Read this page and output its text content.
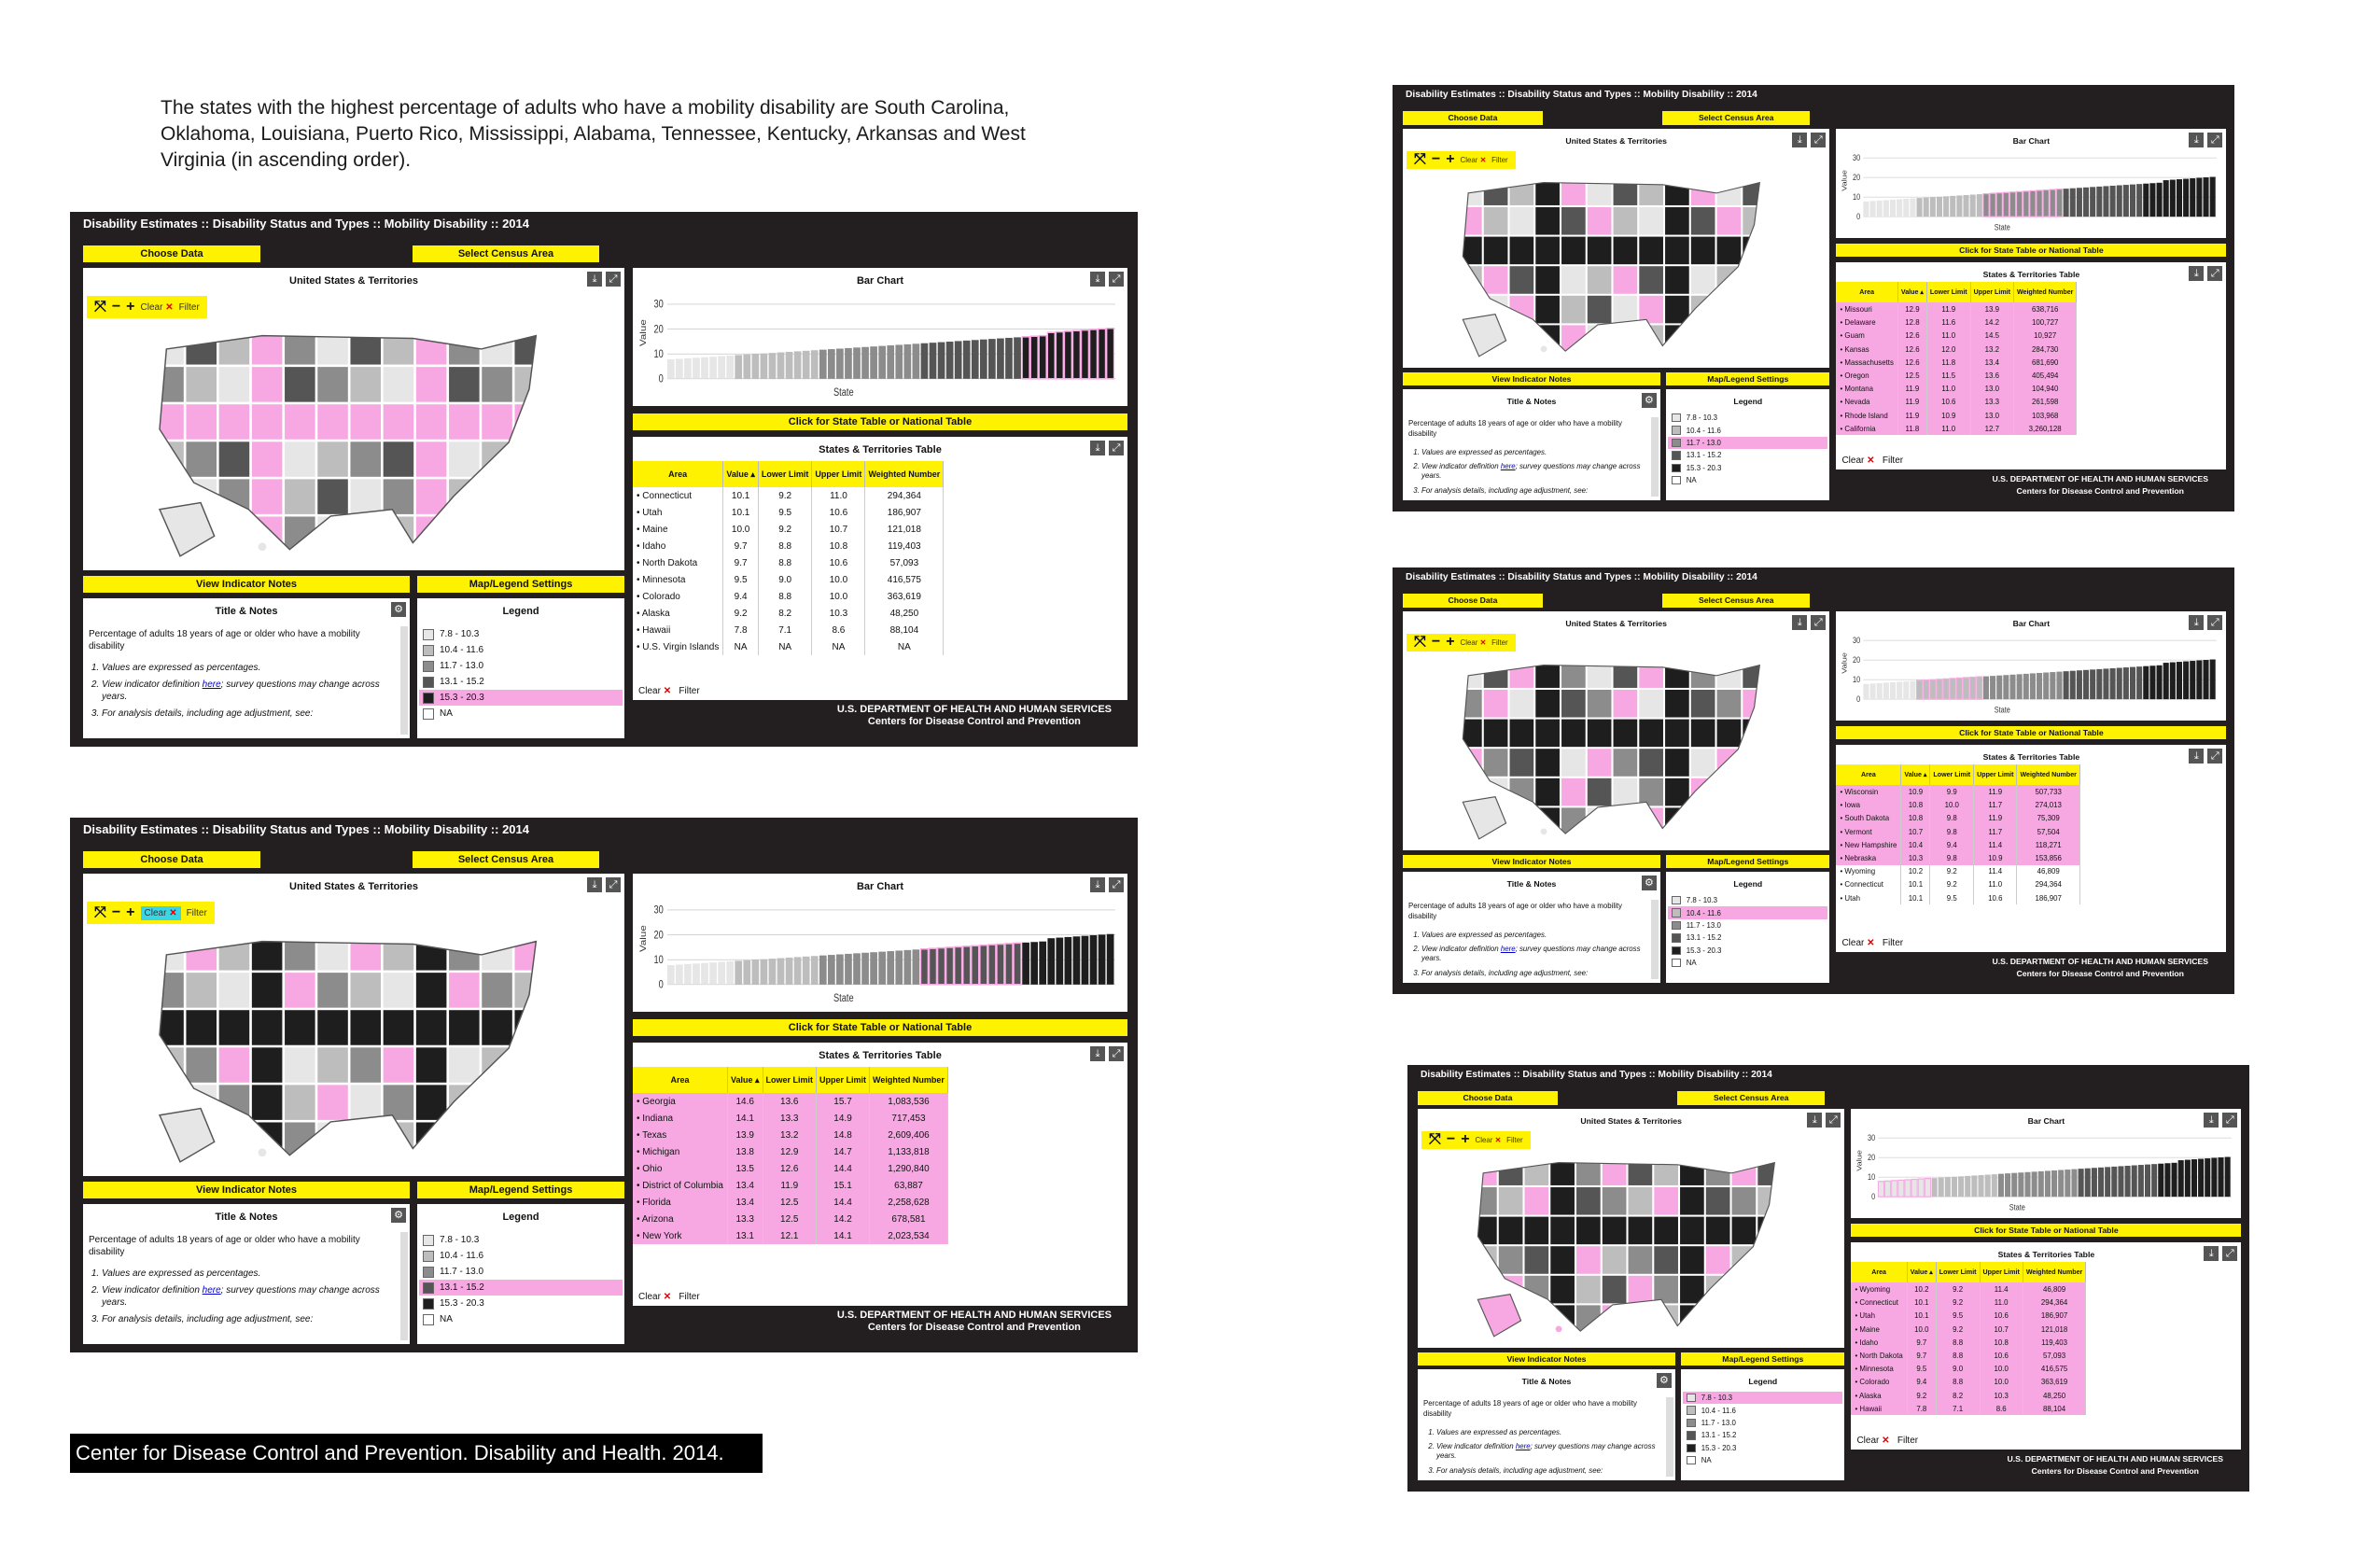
The states with the highest percentage of adults who have a mobility disability are South Carolina, Oklahoma, Louisiana, Puerto Rico, Mississippi, Alabama, Tennessee, Kentucky, Arkansas and West Virginia (in ascending order).
Center for Disease Control and Prevention. Disability and Health. 2014.
Disability Estimates :: Disability Status and Types :: Mobility Disability :: 2014
Choose Data	Select Census Area
United States & Territories	⤓	⤢
⤧ − + Clear ✕ Filter
Bar Chart	⤓	⤢
30
20
10
0
Value
State
Click for State Table or National Table
States & Territories Table	⤓	⤢
Area	Value ▴	Lower Limit	Upper Limit	Weighted Number
• Connecticut	10.1	9.2	11.0	294,364
• Utah	10.1	9.5	10.6	186,907
• Maine	10.0	9.2	10.7	121,018
• Idaho	9.7	8.8	10.8	119,403
• North Dakota	9.7	8.8	10.6	57,093
• Minnesota	9.5	9.0	10.0	416,575
• Colorado	9.4	8.8	10.0	363,619
• Alaska	9.2	8.2	10.3	48,250
• Hawaii	7.8	7.1	8.6	88,104
• U.S. Virgin Islands	NA	NA	NA	NA
Clear ✕ Filter
View Indicator Notes	Map/Legend Settings
Title & Notes	⚙
Percentage of adults 18 years of age or older who have a mobility disability
1. Values are expressed as percentages.
2. View indicator definition here; survey questions may change across years.
3. For analysis details, including age adjustment, see:
Legend
7.8 - 10.3
10.4 - 11.6
11.7 - 13.0
13.1 - 15.2
15.3 - 20.3
NA	U.S. DEPARTMENT OF HEALTH AND HUMAN SERVICES
Centers for Disease Control and Prevention
Disability Estimates :: Disability Status and Types :: Mobility Disability :: 2014
Choose Data	Select Census Area
United States & Territories	⤓	⤢
⤧ − +	Clear ✕	Filter
Bar Chart	⤓	⤢
30
20
10
0
Value
State
Click for State Table or National Table
States & Territories Table	⤓	⤢
Area	Value ▴	Lower Limit	Upper Limit	Weighted Number
• Georgia	14.6	13.6	15.7	1,083,536
• Indiana	14.1	13.3	14.9	717,453
• Texas	13.9	13.2	14.8	2,609,406
• Michigan	13.8	12.9	14.7	1,133,818
• Ohio	13.5	12.6	14.4	1,290,840
• District of Columbia	13.4	11.9	15.1	63,887
• Florida	13.4	12.5	14.4	2,258,628
• Arizona	13.3	12.5	14.2	678,581
• New York	13.1	12.1	14.1	2,023,534
Clear ✕ Filter
View Indicator Notes	Map/Legend Settings
Title & Notes	⚙
Percentage of adults 18 years of age or older who have a mobility disability
1. Values are expressed as percentages.
2. View indicator definition here; survey questions may change across years.
3. For analysis details, including age adjustment, see:
Legend
7.8 - 10.3
10.4 - 11.6
11.7 - 13.0
13.1 - 15.2
15.3 - 20.3
NA	U.S. DEPARTMENT OF HEALTH AND HUMAN SERVICES
Centers for Disease Control and Prevention
Disability Estimates :: Disability Status and Types :: Mobility Disability :: 2014
Choose Data	Select Census Area
United States & Territories	⤓	⤢
⤧ − + Clear ✕ Filter
Bar Chart	⤓	⤢
30
20
10
0
Value
State
Click for State Table or National Table
States & Territories Table	⤓	⤢
Area	Value ▴	Lower Limit	Upper Limit	Weighted Number
• Missouri	12.9	11.9	13.9	638,716
• Delaware	12.8	11.6	14.2	100,727
• Guam	12.6	11.0	14.5	10,927
• Kansas	12.6	12.0	13.2	284,730
• Massachusetts	12.6	11.8	13.4	681,690
• Oregon	12.5	11.5	13.6	405,494
• Montana	11.9	11.0	13.0	104,940
• Nevada	11.9	10.6	13.3	261,598
• Rhode Island	11.9	10.9	13.0	103,968
• California	11.8	11.0	12.7	3,260,128
Clear ✕ Filter
View Indicator Notes	Map/Legend Settings
Title & Notes	⚙
Percentage of adults 18 years of age or older who have a mobility disability
1. Values are expressed as percentages.
2. View indicator definition here; survey questions may change across years.
3. For analysis details, including age adjustment, see:
Legend
7.8 - 10.3
10.4 - 11.6
11.7 - 13.0
13.1 - 15.2
15.3 - 20.3
NA	U.S. DEPARTMENT OF HEALTH AND HUMAN SERVICES
Centers for Disease Control and Prevention
Disability Estimates :: Disability Status and Types :: Mobility Disability :: 2014
Choose Data	Select Census Area
United States & Territories	⤓	⤢
⤧ − + Clear ✕ Filter
Bar Chart	⤓	⤢
30
20
10
0
Value
State
Click for State Table or National Table
States & Territories Table	⤓	⤢
Area	Value ▴	Lower Limit	Upper Limit	Weighted Number
• Wisconsin	10.9	9.9	11.9	507,733
• Iowa	10.8	10.0	11.7	274,013
• South Dakota	10.8	9.8	11.9	75,309
• Vermont	10.7	9.8	11.7	57,504
• New Hampshire	10.4	9.4	11.4	118,271
• Nebraska	10.3	9.8	10.9	153,856
• Wyoming	10.2	9.2	11.4	46,809
• Connecticut	10.1	9.2	11.0	294,364
• Utah	10.1	9.5	10.6	186,907
Clear ✕ Filter
View Indicator Notes	Map/Legend Settings
Title & Notes	⚙
Percentage of adults 18 years of age or older who have a mobility disability
1. Values are expressed as percentages.
2. View indicator definition here; survey questions may change across years.
3. For analysis details, including age adjustment, see:
Legend
7.8 - 10.3
10.4 - 11.6
11.7 - 13.0
13.1 - 15.2
15.3 - 20.3
NA	U.S. DEPARTMENT OF HEALTH AND HUMAN SERVICES
Centers for Disease Control and Prevention
Disability Estimates :: Disability Status and Types :: Mobility Disability :: 2014
Choose Data	Select Census Area
United States & Territories	⤓	⤢
⤧ − + Clear ✕ Filter
Bar Chart	⤓	⤢
30
20
10
0
Value
State
Click for State Table or National Table
States & Territories Table	⤓	⤢
Area	Value ▴	Lower Limit	Upper Limit	Weighted Number
• Wyoming	10.2	9.2	11.4	46,809
• Connecticut	10.1	9.2	11.0	294,364
• Utah	10.1	9.5	10.6	186,907
• Maine	10.0	9.2	10.7	121,018
• Idaho	9.7	8.8	10.8	119,403
• North Dakota	9.7	8.8	10.6	57,093
• Minnesota	9.5	9.0	10.0	416,575
• Colorado	9.4	8.8	10.0	363,619
• Alaska	9.2	8.2	10.3	48,250
• Hawaii	7.8	7.1	8.6	88,104
Clear ✕ Filter
View Indicator Notes	Map/Legend Settings
Title & Notes	⚙
Percentage of adults 18 years of age or older who have a mobility disability
1. Values are expressed as percentages.
2. View indicator definition here; survey questions may change across years.
3. For analysis details, including age adjustment, see:
Legend
7.8 - 10.3
10.4 - 11.6
11.7 - 13.0
13.1 - 15.2
15.3 - 20.3
NA	U.S. DEPARTMENT OF HEALTH AND HUMAN SERVICES
Centers for Disease Control and Prevention
